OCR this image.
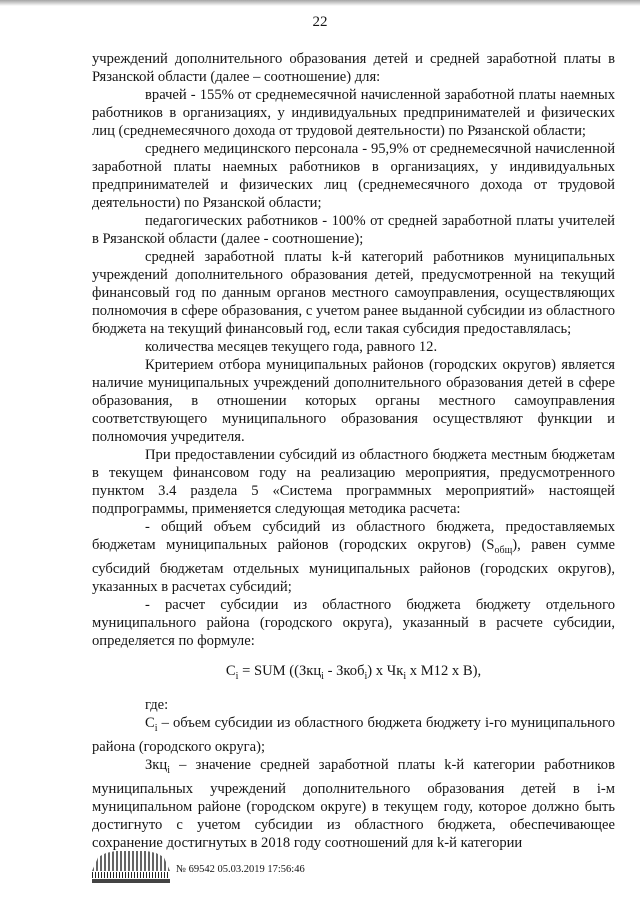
22

учреждений дополнительного образования детей и средней заработной платы в Рязанской области (далее – соотношение) для:

врачей - 155% от среднемесячной начисленной заработной платы наемных работников в организациях, у индивидуальных предпринимателей и физических лиц (среднемесячного дохода от трудовой деятельности) по Рязанской области;

среднего медицинского персонала - 95,9% от среднемесячной начисленной заработной платы наемных работников в организациях, у индивидуальных предпринимателей и физических лиц (среднемесячного дохода от трудовой деятельности) по Рязанской области;

педагогических работников - 100% от средней заработной платы учителей в Рязанской области (далее - соотношение);

средней заработной платы k-й категорий работников муниципальных учреждений дополнительного образования детей, предусмотренной на текущий финансовый год по данным органов местного самоуправления, осуществляющих полномочия в сфере образования, с учетом ранее выданной субсидии из областного бюджета на текущий финансовый год, если такая субсидия предоставлялась;

количества месяцев текущего года, равного 12.

Критерием отбора муниципальных районов (городских округов) является наличие муниципальных учреждений дополнительного образования детей в сфере образования, в отношении которых органы местного самоуправления соответствующего муниципального образования осуществляют функции и полномочия учредителя.

При предоставлении субсидий из областного бюджета местным бюджетам в текущем финансовом году на реализацию мероприятия, предусмотренного пунктом 3.4 раздела 5 «Система программных мероприятий» настоящей подпрограммы, применяется следующая методика расчета:

- общий объем субсидий из областного бюджета, предоставляемых бюджетам муниципальных районов (городских округов) $(S_{общ})$, равен сумме субсидий бюджетам отдельных муниципальных районов (городских округов), указанных в расчетах субсидий;

- расчет субсидии из областного бюджета бюджету отдельного муниципального района (городского округа), указанный в расчете субсидии, определяется по формуле:

$C_i$ = SUM ((Зкц$_i$ - Зкоб$_i$) x $Чк_i$ x M12 x B),

где:

$C_i$ – объем субсидии из областного бюджета бюджету i-го муниципального района (городского округа);

Зкц$_i$ – значение средней заработной платы k-й категории работников муниципальных учреждений дополнительного образования детей в i-м муниципальном районе (городском округе) в текущем году, которое должно быть достигнуто с учетом субсидии из областного бюджета, обеспечивающее сохранение достигнутых в 2018 году соотношений для k-й категории

№ 69542 05.03.2019 17:56:46
